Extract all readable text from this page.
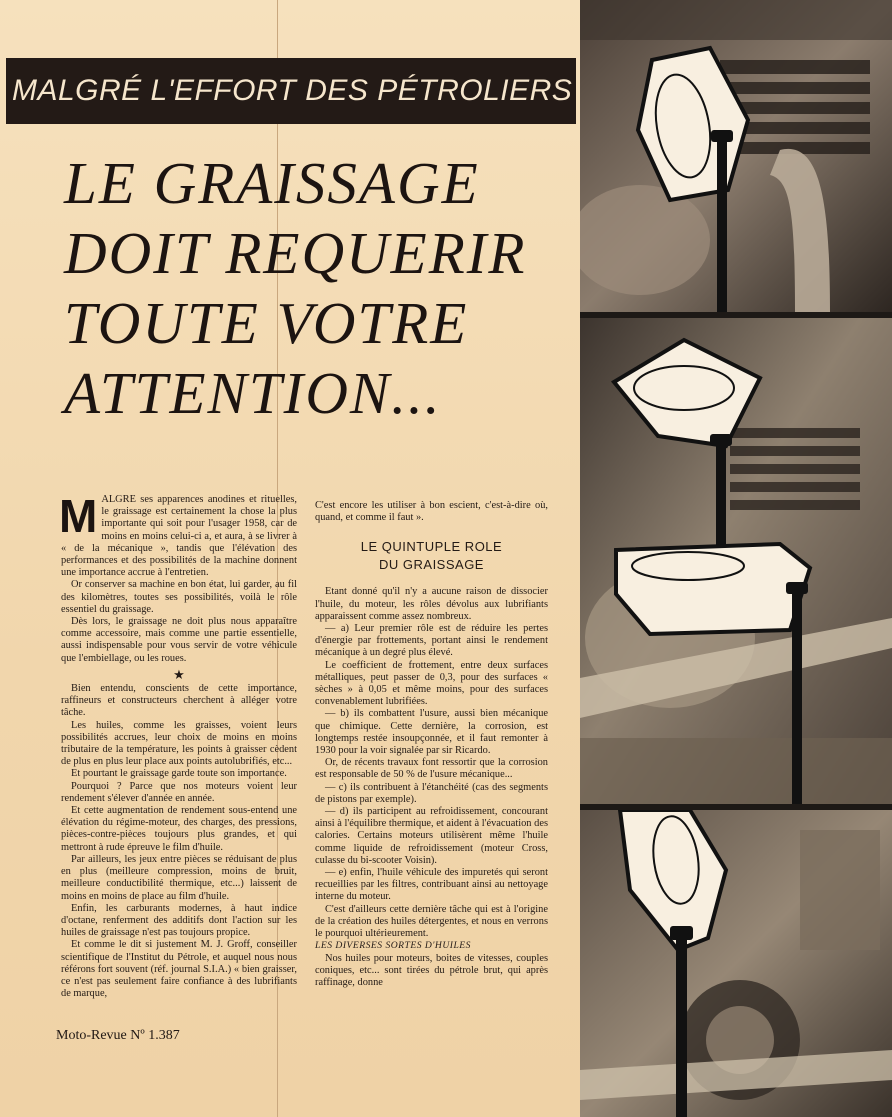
MALGRÉ L'EFFORT DES PÉTROLIERS
LE GRAISSAGE
DOIT REQUERIR
TOUTE VOTRE
ATTENTION...
M ALGRE ses apparences anodines et rituelles, le graissage est certainement la chose la plus importante qui soit pour l'usager 1958, car de moins en moins celui-ci a, et aura, à se livrer à « de la mécanique », tandis que l'élévation des performances et des possibilités de la machine donnent une importance accrue à l'entretien.

Or conserver sa machine en bon état, lui garder, au fil des kilomètres, toutes ses possibilités, voilà le rôle essentiel du graissage.

Dès lors, le graissage ne doit plus nous apparaître comme accessoire, mais comme une partie essentielle, aussi indispensable pour vous servir de votre véhicule que l'embiellage, ou les roues.

★

Bien entendu, conscients de cette importance, raffineurs et constructeurs cherchent à alléger votre tâche.

Les huiles, comme les graisses, voient leurs possibilités accrues, leur choix de moins en moins tributaire de la température, les points à graisser cèdent de plus en plus leur place aux points autolubrifiés, etc...

Et pourtant le graissage garde toute son importance.

Pourquoi ? Parce que nos moteurs voient leur rendement s'élever d'année en année.

Et cette augmentation de rendement sous-entend une élévation du régime-moteur, des charges, des pressions, pièces-contre-pièces toujours plus grandes, et qui mettront à rude épreuve le film d'huile.

Par ailleurs, les jeux entre pièces se réduisant de plus en plus (meilleure compression, moins de bruit, meilleure conductibilité thermique, etc...) laissent de moins en moins de place au film d'huile.

Enfin, les carburants modernes, à haut indice d'octane, renferment des additifs dont l'action sur les huiles de graissage n'est pas toujours propice.

Et comme le dit si justement M. J. Groff, conseiller scientifique de l'Institut du Pétrole, et auquel nous nous référons fort souvent (réf. journal S.I.A.) « bien graisser, ce n'est pas seulement faire confiance à des lubrifiants de marque,

C'est encore les utiliser à bon escient, c'est-à-dire où, quand, et comme il faut ».

LE QUINTUPLE ROLE
DU GRAISSAGE

Etant donné qu'il n'y a aucune raison de dissocier l'huile, du moteur, les rôles dévolus aux lubrifiants apparaissent comme assez nombreux.

— a) Leur premier rôle est de réduire les pertes d'énergie par frottements, portant ainsi le rendement mécanique à un degré plus élevé.

Le coefficient de frottement, entre deux surfaces métalliques, peut passer de 0,3, pour des surfaces « sèches » à 0,05 et même moins, pour des surfaces convenablement lubrifiées.

— b) ils combattent l'usure, aussi bien mécanique que chimique. Cette dernière, la corrosion, est longtemps restée insoupçonnée, et il faut remonter à 1930 pour la voir signalée par sir Ricardo.

Or, de récents travaux font ressortir que la corrosion est responsable de 50 % de l'usure mécanique...

— c) ils contribuent à l'étanchéité (cas des segments de pistons par exemple).

— d) ils participent au refroidissement, concourant ainsi à l'équilibre thermique, et aident à l'évacuation des calories. Certains moteurs utilisèrent même l'huile comme liquide de refroidissement (moteur Cross, culasse du bi-scooter Voisin).

— e) enfin, l'huile véhicule des impuretés qui seront recueillies par les filtres, contribuant ainsi au nettoyage interne du moteur.

C'est d'ailleurs cette dernière tâche qui est à l'origine de la création des huiles détergentes, et nous en verrons le pourquoi ultérieurement.

LES DIVERSES SORTES D'HUILES

Nos huiles pour moteurs, boites de vitesses, couples coniques, etc... sont tirées du pétrole brut, qui après raffinage, donne

Moto-Revue Nº 1.387
